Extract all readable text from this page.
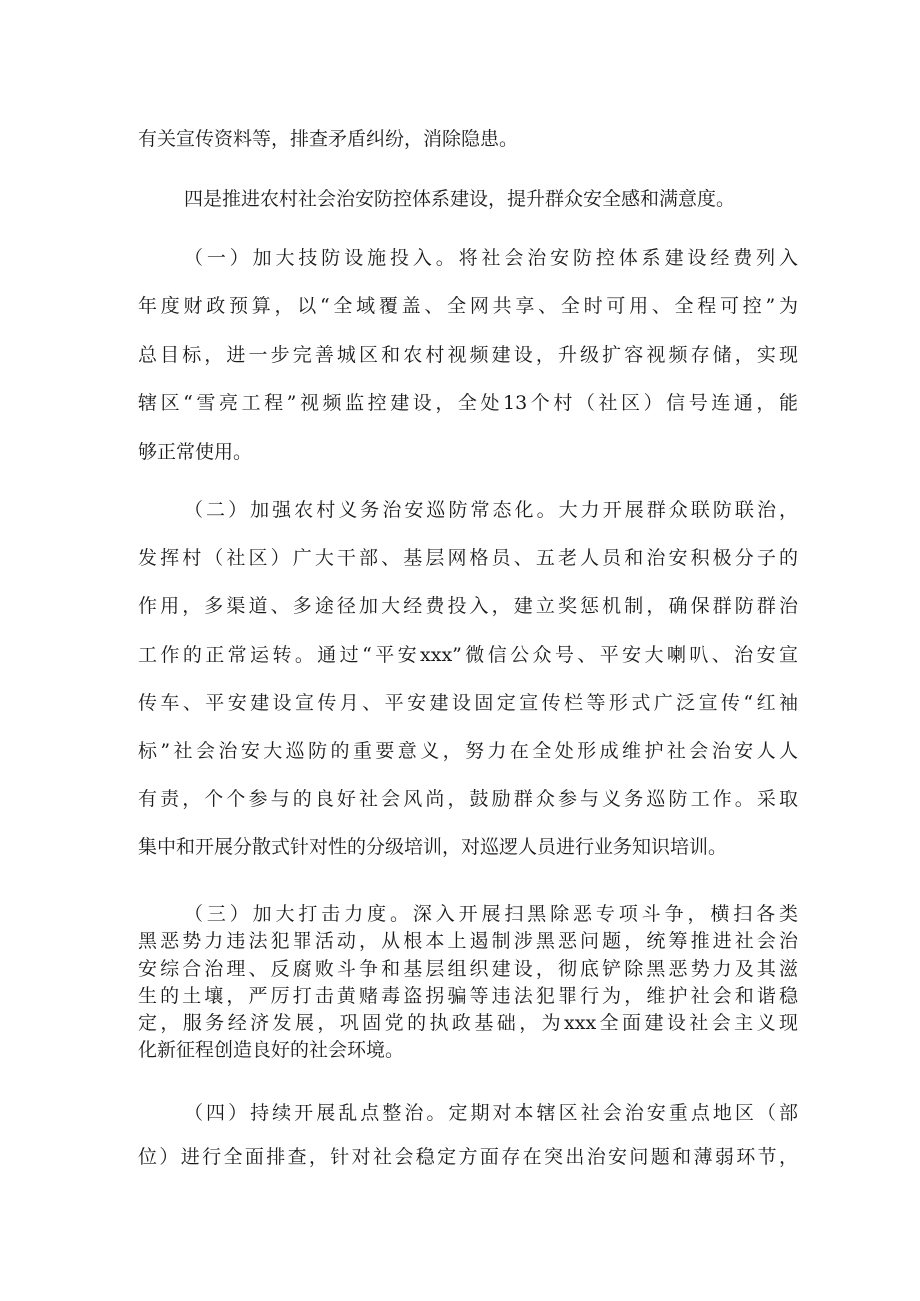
有关宣传资料等，排查矛盾纠纷，消除隐患。
四是推进农村社会治安防控体系建设，提升群众安全感和满意度。
（一）加大技防设施投入。将社会治安防控体系建设经费列入
年度财政预算，以“全域覆盖、全网共享、全时可用、全程可控”为
总目标，进一步完善城区和农村视频建设，升级扩容视频存储，实现
辖区“雪亮工程”视频监控建设，全处13个村（社区）信号连通，能
够正常使用。
（二）加强农村义务治安巡防常态化。大力开展群众联防联治，
发挥村（社区）广大干部、基层网格员、五老人员和治安积极分子的
作用，多渠道、多途径加大经费投入，建立奖惩机制，确保群防群治
工作的正常运转。通过“平安xxx”微信公众号、平安大喇叭、治安宣
传车、平安建设宣传月、平安建设固定宣传栏等形式广泛宣传“红袖
标”社会治安大巡防的重要意义，努力在全处形成维护社会治安人人
有责，个个参与的良好社会风尚，鼓励群众参与义务巡防工作。采取
集中和开展分散式针对性的分级培训，对巡逻人员进行业务知识培训。
（三）加大打击力度。深入开展扫黑除恶专项斗争，横扫各类
黑恶势力违法犯罪活动，从根本上遏制涉黑恶问题，统筹推进社会治
安综合治理、反腐败斗争和基层组织建设，彻底铲除黑恶势力及其滋
生的土壤，严厉打击黄赌毒盗拐骗等违法犯罪行为，维护社会和谐稳
定，服务经济发展，巩固党的执政基础，为xxx全面建设社会主义现
化新征程创造良好的社会环境。
（四）持续开展乱点整治。定期对本辖区社会治安重点地区（部
位）进行全面排查，针对社会稳定方面存在突出治安问题和薄弱环节，
